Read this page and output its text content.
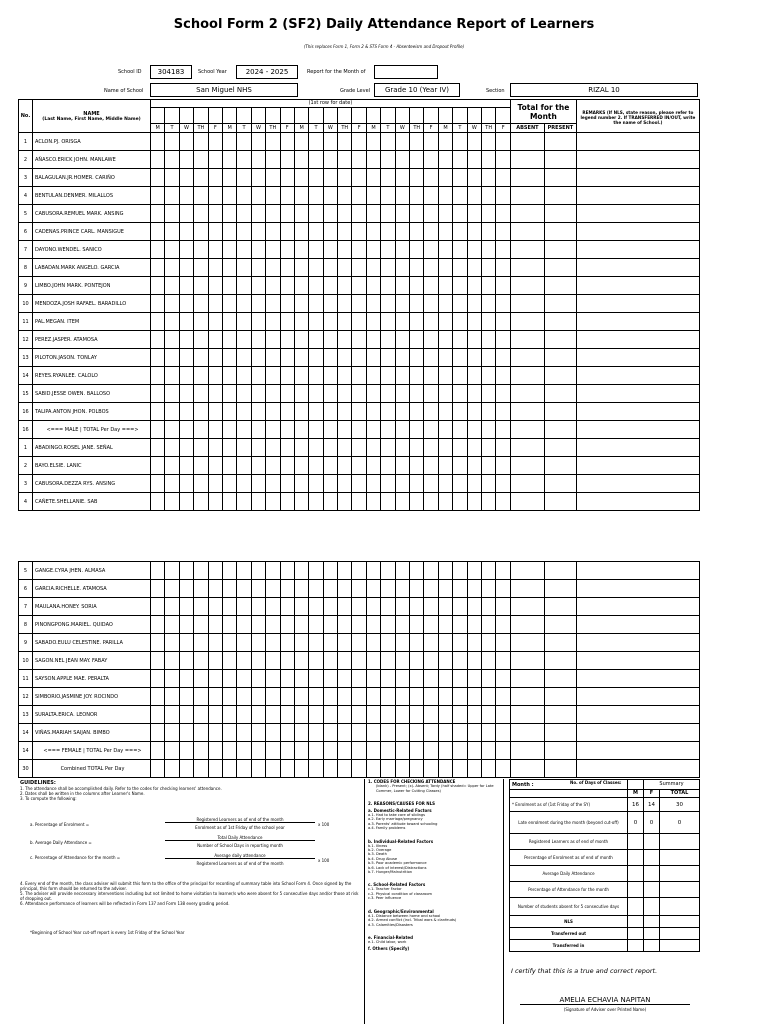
School Form 2 (SF2) Daily Attendance Report of Learners
(This replaces Form 1, Form 2 & STS Form 4 - Absenteeism and Dropout Profile)
School ID	304183	School Year	2024 - 2025	Report for the Month of
Name of School	San Miguel NHS	Grade Level	Grade 10 (Year IV)	Section	RIZAL 10
No.	NAME
(Last Name, First Name, Middle Name)	(1st row for date)																									Total for the Month		REMARKS (If NLS, state reason, please refer to legend number 2. If TRANSFERRED IN/OUT, write the name of School.)

		M	T	W	TH	F	M	T	W	TH	F	M	T	W	TH	F	M	T	W	TH	F	M	T	W	TH	F	ABSENT	PRESENT	
1	ACLON.PJ. ORISGA																												
2	AÑASCO.ERICK JOHN. MANLAWE																												
3	BALAGULAN.JR.HOMER. CARIÑO																												
4	BENTULAN.DENMER. MILALLOS																												
5	CABUSORA.REMUEL MARK. ANSING																												
6	CADENAS.PRINCE CARL. MANSIGUE																												
7	DAYONO.WENDEL. SANICO																												
8	LABADAN.MARK ANGELO. GARCIA																												
9	LIMBO.JOHN MARK. PONTEJON																												
10	MENDOZA.JOSH RAFAEL. BARADILLO																												
11	PAL.MEGAN. ITEM																												
12	PEREZ.JASPER. ATAMOSA																												
13	PILOTON.JASON. TONLAY																												
14	REYES.RYANLEE. CALOLO																												
15	SABID.JESSE OWEN. BALLOSO																												
16	TALIPA.ANTON JHON. POLBOS																												
16	<=== MALE | TOTAL Per Day ===>																												
1	ABADINGO.ROSEL JANE. SEÑAL																												
2	BAYO.ELSIE. LANIC																												
3	CABUSORA.DEZZA RYS. ANSING																												
4	CAÑETE.SHELLANIE. SAB																												
5	GANGE.CYRA JHEN. ALMASA																												
6	GARCIA.RICHELLE. ATAMOSA																												
7	MAULANA.HONEY. SORIA																												
8	PINONGPONG.MARIEL. QUIDAO																												
9	SABADO.EULU CELESTINE. PARILLA																												
10	SAGON.NEL JEAN MAY. FABAY																												
11	SAYSON.APPLE MAE. PERALTA																												
12	SIMBORIO.JASMINE JOY. ROCINDO																												
13	SURALTA.ERICA. LEONOR																												
14	VIÑAS.MARIAH SAIJAN. BIMBO																												
14	<=== FEMALE | TOTAL Per Day ===>																												
30	Combined TOTAL Per Day																												
GUIDELINES:
1. The attendance shall be accomplished daily. Refer to the codes for checking learners' attendance.
2. Dates shall be written in the columns after Learner's Name.
3. To compute the following:
a. Percentage of Enrolment =
Registered Learners as of end of the month
Enrolment as of 1st Friday of the school year
x 100
b. Average Daily Attendance =
Total Daily Attendance
Number of School Days in reporting month
c. Percentage of Attendance for the month =	Average daily attendance
Registered Learners as of end of the month
x 100
4. Every end of the month, the class adviser will submit this form to the office of the principal for recording of summary table into School Form 4. Once signed by the principal, this form should be returned to the adviser.
5. The adviser will provide neccessary interventions including but not limited to home visitation to learner/s who were absent for 5 consecutive days and/or those at risk of dropping out.
6. Attendance performance of learners will be reflected in Form 137 and Form 138 every grading period.
*Beginning of School Year cut-off report is every 1st Friday of the School Year
1. CODES FOR CHECKING ATTENDANCE
(blank) - Present; (x)- Absent; Tardy (half shaded= Upper for Late Commer, Lower for Cutting Classes)
2. REASONS/CAUSES FOR NLS
a. Domestic-Related Factors
a.1. Had to take care of siblings
a.2. Early marriage/pregnancy
a.3. Parents' attitude toward schooling
a.4. Family problems
b. Individual-Related Factors
b.1. Illness
b.2. Overage
b.3. Death
b.4. Drug Abuse
b.5. Poor academic performance
b.6. Lack of interest/Distractions
b.7. Hunger/Malnutrition
c. School-Related Factors
c.1. Teacher Factor
c.2. Physical condition of classroom
c.3. Peer influence
d. Geographic/Environmental
d.1. Distance between home and school
d.2. Armed conflict (incl. Tribal wars & clanfeuds)
d.3. Calamities/Disasters
e. Financial-Related
e.1. Child labor, work
f. Others (Specify)
Month :		Summary	
	M	F	TOTAL
* Enrolment as of (1st Friday of the SY)	16	14	30
Late enrolment during the month (beyond cut-off)	0	0	0
Registered Learners as of end of month			
Percentage of Enrolment as of end of month			
Average Daily Attendance			
Percentage of Attendance for the month			
Number of students absent for 5 consecutive days			
NLS			
Transferred out			
Transferred in			
No. of Days of Classes:
I certify that this is a true and correct report.
AMELIA ECHAVIA NAPITAN
(Signature of Adviser over Printed Name)
